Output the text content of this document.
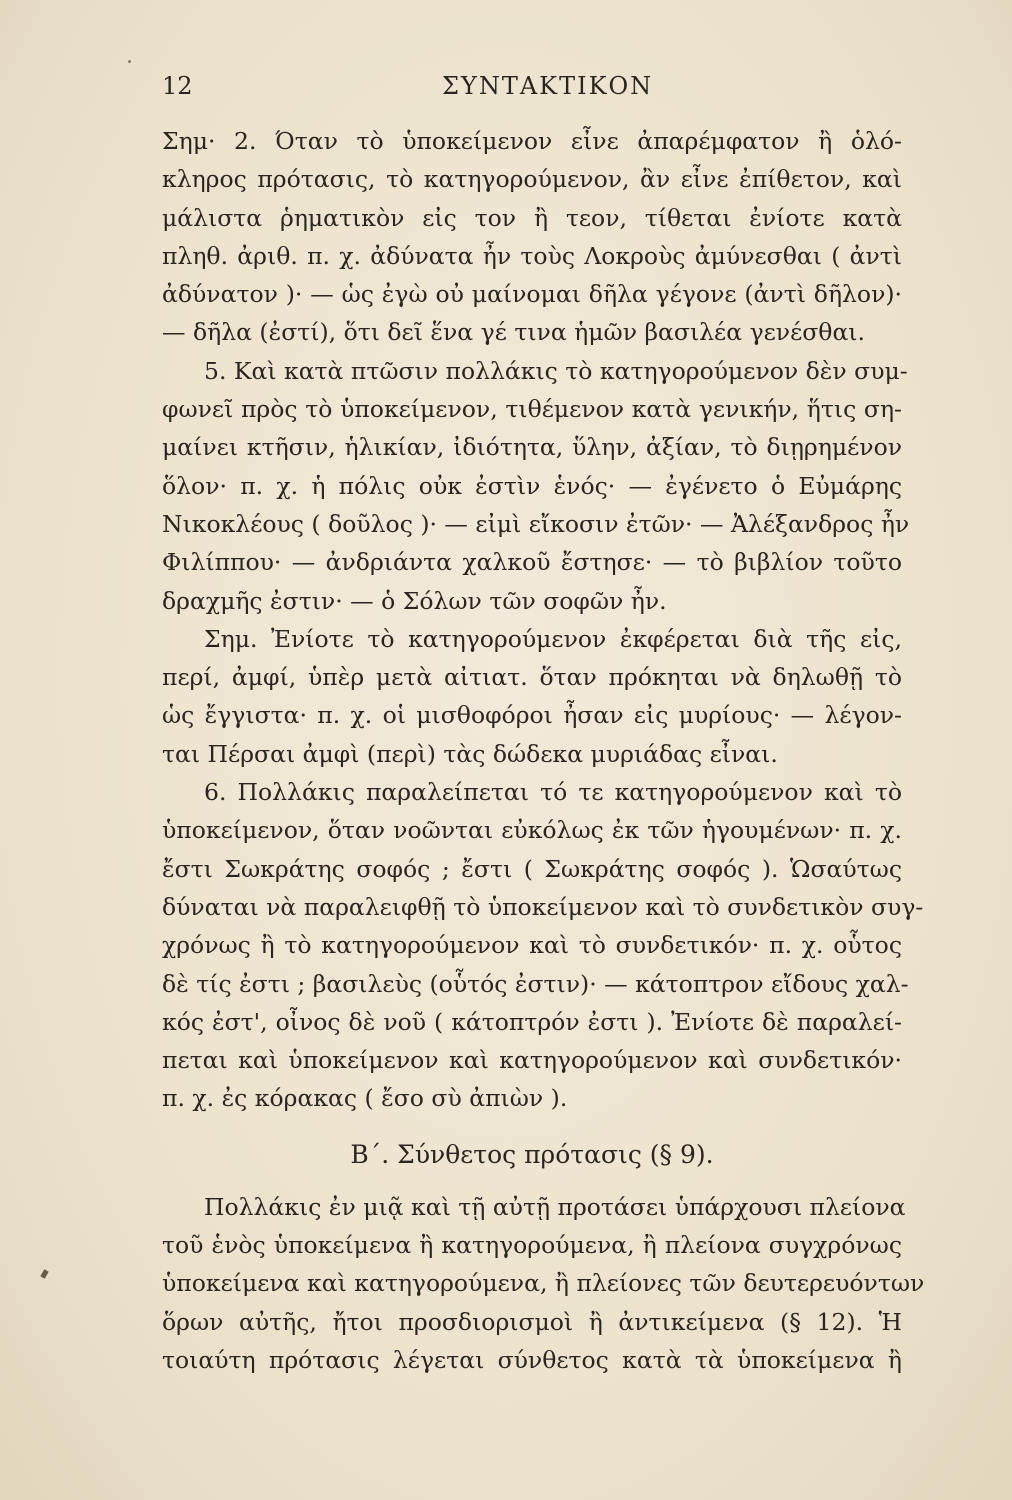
12	ΣΥΝΤΑΚΤΙΚΟΝ
Σημ· 2. Όταν τὸ ὑποκείμενον εἶνε ἀπαρέμφατον ἢ ὁλό-
κληρος πρότασις, τὸ κατηγορούμενον, ἂν εἶνε ἐπίθετον, καὶ
μάλιστα ῥηματικὸν εἰς τον ἢ τεον, τίθεται ἐνίοτε κατὰ
πληθ. ἀριθ. π. χ. ἀδύνατα ἦν τοὺς Λοκροὺς ἀμύνεσθαι ( ἀντὶ
ἀδύνατον )· — ὡς ἐγὼ οὐ μαίνομαι δῆλα γέγονε (ἀντὶ δῆλον)·
— δῆλα (ἐστί), ὅτι δεῖ ἕνα γέ τινα ἡμῶν βασιλέα γενέσθαι.
5. Καὶ κατὰ πτῶσιν πολλάκις τὸ κατηγορούμενον δὲν συμ-
φωνεῖ πρὸς τὸ ὑποκείμενον, τιθέμενον κατὰ γενικήν, ἥτις ση-
μαίνει κτῆσιν, ἡλικίαν, ἰδιότητα, ὕλην, ἀξίαν, τὸ διῃρημένον
ὅλον· π. χ. ἡ πόλις οὐκ ἐστὶν ἑνός· — ἐγένετο ὁ Εὐμάρης
Νικοκλέους ( δοῦλος )· — εἰμὶ εἴκοσιν ἐτῶν· — Ἀλέξανδρος ἦν
Φιλίππου· — ἀνδριάντα χαλκοῦ ἔστησε· — τὸ βιβλίον τοῦτο
δραχμῆς ἐστιν· — ὁ Σόλων τῶν σοφῶν ἦν.
Σημ. Ἐνίοτε τὸ κατηγορούμενον ἐκφέρεται διὰ τῆς εἰς,
περί, ἀμφί, ὑπὲρ μετὰ αἰτιατ. ὅταν πρόκηται νὰ δηλωθῇ τὸ
ὡς ἔγγιστα· π. χ. οἱ μισθοφόροι ἦσαν εἰς μυρίους· — λέγον-
ται Πέρσαι ἀμφὶ (περὶ) τὰς δώδεκα μυριάδας εἶναι.
6. Πολλάκις παραλείπεται τό τε κατηγορούμενον καὶ τὸ
ὑποκείμενον, ὅταν νοῶνται εὐκόλως ἐκ τῶν ἡγουμένων· π. χ.
ἔστι Σωκράτης σοφός ; ἔστι ( Σωκράτης σοφός ). Ὡσαύτως
δύναται νὰ παραλειφθῇ τὸ ὑποκείμενον καὶ τὸ συνδετικὸν συγ-
χρόνως ἢ τὸ κατηγορούμενον καὶ τὸ συνδετικόν· π. χ. οὗτος
δὲ τίς ἐστι ; βασιλεὺς (οὗτός ἐστιν)· — κάτοπτρον εἴδους χαλ-
κός ἐστ', οἶνος δὲ νοῦ ( κάτοπτρόν ἐστι ). Ἐνίοτε δὲ παραλεί-
πεται καὶ ὑποκείμενον καὶ κατηγορούμενον καὶ συνδετικόν·
π. χ. ἐς κόρακας ( ἔσο σὺ ἀπιὼν ).
Β΄. Σύνθετος πρότασις (§ 9).
Πολλάκις ἐν μιᾷ καὶ τῇ αὐτῇ προτάσει ὑπάρχουσι πλείονα
τοῦ ἑνὸς ὑποκείμενα ἢ κατηγορούμενα, ἢ πλείονα συγχρόνως
ὑποκείμενα καὶ κατηγορούμενα, ἢ πλείονες τῶν δευτερευόντων
ὅρων αὐτῆς, ἤτοι προσδιορισμοὶ ἢ ἀντικείμενα (§ 12). Ἡ
τοιαύτη πρότασις λέγεται σύνθετος κατὰ τὰ ὑποκείμενα ἢ
